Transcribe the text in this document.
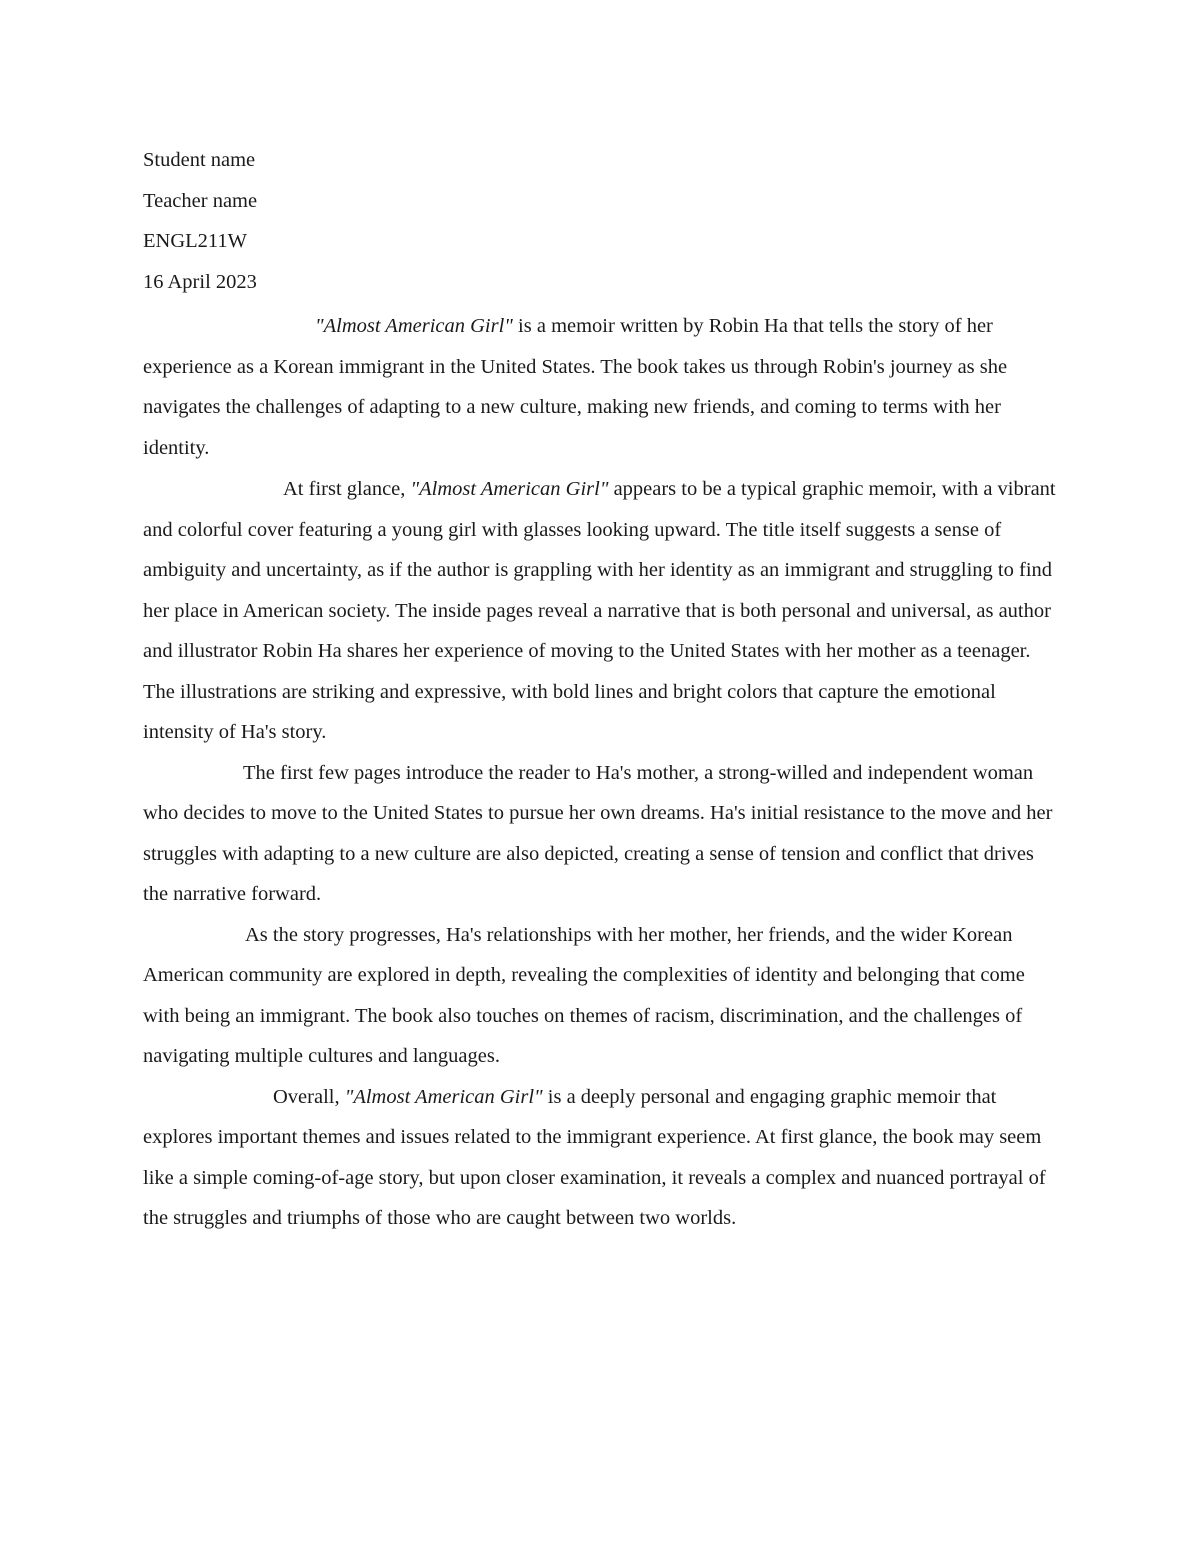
Student name

Teacher name

ENGL211W

16 April 2023

"Almost American Girl" is a memoir written by Robin Ha that tells the story of her experience as a Korean immigrant in the United States. The book takes us through Robin's journey as she navigates the challenges of adapting to a new culture, making new friends, and coming to terms with her identity.

At first glance, "Almost American Girl" appears to be a typical graphic memoir, with a vibrant and colorful cover featuring a young girl with glasses looking upward. The title itself suggests a sense of ambiguity and uncertainty, as if the author is grappling with her identity as an immigrant and struggling to find her place in American society. The inside pages reveal a narrative that is both personal and universal, as author and illustrator Robin Ha shares her experience of moving to the United States with her mother as a teenager. The illustrations are striking and expressive, with bold lines and bright colors that capture the emotional intensity of Ha's story.

The first few pages introduce the reader to Ha's mother, a strong-willed and independent woman who decides to move to the United States to pursue her own dreams. Ha's initial resistance to the move and her struggles with adapting to a new culture are also depicted, creating a sense of tension and conflict that drives the narrative forward.

As the story progresses, Ha's relationships with her mother, her friends, and the wider Korean American community are explored in depth, revealing the complexities of identity and belonging that come with being an immigrant. The book also touches on themes of racism, discrimination, and the challenges of navigating multiple cultures and languages.

Overall, "Almost American Girl" is a deeply personal and engaging graphic memoir that explores important themes and issues related to the immigrant experience. At first glance, the book may seem like a simple coming-of-age story, but upon closer examination, it reveals a complex and nuanced portrayal of the struggles and triumphs of those who are caught between two worlds.
